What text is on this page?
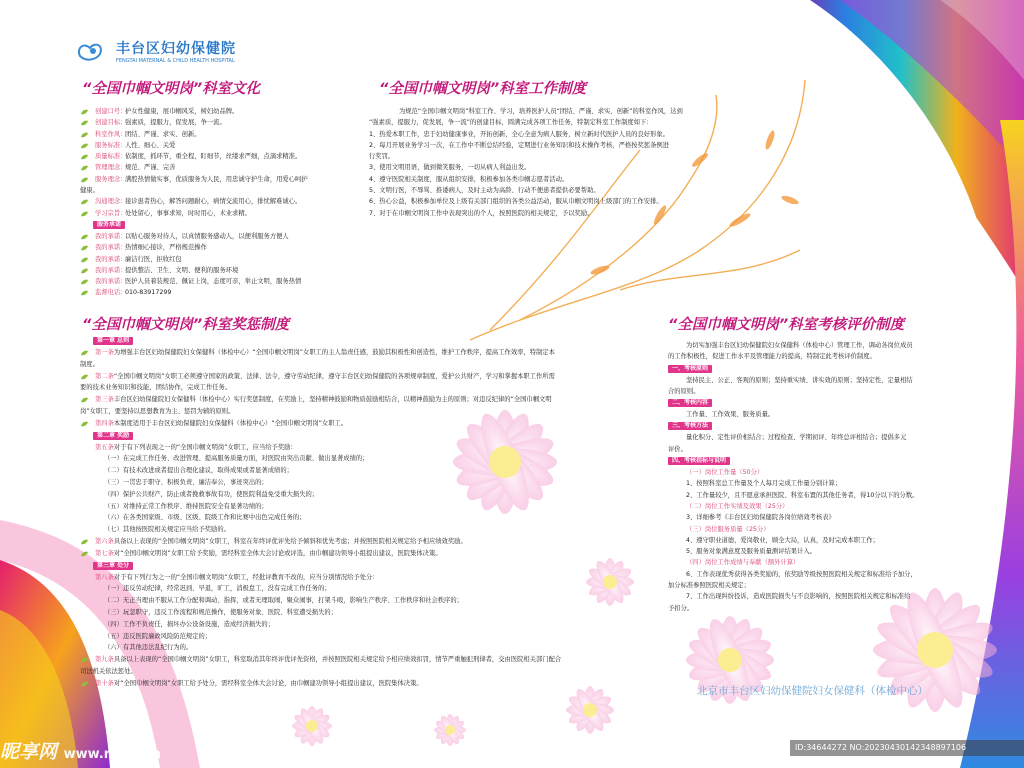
丰台区妇幼保健院
FENGTAI MATERNAL & CHILD HEALTH HOSPITAL
“全国巾帼文明岗”科室文化
创建口号：
护女性健康，展巾帼风采，树妇幼品牌。
创建目标：
强素质，提服力，促发展，争一流。
科室作风：
团结、严谨、求实、创新。
服务标准：
人性、细心、关爱
质量标准：
依制度，抓环节，重全程，盯细节，丝缕求严细，点滴求精准。
管理理念：
规范、严谨、完善
服务理念：
满腔热情做实事，优质服务为人民，用忠诚守护生命，用爱心呵护
健康。
沟通理念：
接诊患者热心，解答问题耐心，病情交流用心，排忧解难诚心。
学习宗旨：
处处留心，事事求知，时时用心，术业求精。
服务承诺
我的承诺：
以贴心服务对待人，以真情服务感动人，以便利服务方便人
我的承诺：
热情细心接诊，严格规范操作
我的承诺：
廉洁行医，拒收红包
我的承诺：
提供整洁、卫生、文明、便利的服务环境
我的承诺：
医护人员着装规范、佩证上岗，态度可亲，举止文明，服务热情
监督电话：
010-83917299
“全国巾帼文明岗”科室工作制度
为规范“全国巾帼文明岗”科室工作、学习，培养医护人员“团结、严谨、求实、创新”的科室作风，达到
“强素质，提服力，促发展，争一流”的创建目标，圆满完成各项工作任务，特制定科室工作制度如下：
1、热爱本职工作，忠于妇幼健康事业，开拓创新，全心全意为病人服务，树立新时代医护人员的良好形象。
2、每月开展业务学习一次，在工作中不断总结经验，定期进行业务知识和技术操作考核，严格按奖惩条例进
行奖罚。
3、使用文明用语，做到微笑服务，一切从病人利益出发。
4、遵守医院相关制度，服从组织安排，积极参加各类巾帼志愿者活动。
5、文明行医，不辱骂、推诿病人，及时主动为高龄、行动不便患者提供必要帮助。
6、热心公益，积极参加单位及上级有关部门组织的各类公益活动，服从巾帼文明岗上级部门的工作安排。
7、对于在巾帼文明岗工作中表现突出的个人，按照医院的相关规定，予以奖励。
“全国巾帼文明岗”科室奖惩制度
第一章 总则
第一条 为增强丰台区妇幼保健院妇女保健科（体检中心）“全国巾帼文明岗”女职工的主人翁责任感，鼓励其积极性和创造性，维护工作秩序，提高工作效率，特制定本
制度。
第二条 “全国巾帼文明岗”女职工必须遵守国家的政策、法律、法令，遵守劳动纪律，遵守丰台区妇幼保健院的各项规章制度，爱护公共财产，学习和掌握本职工作所需
要的技术业务知识和技能，团结协作，完成工作任务。
第三条 丰台区妇幼保健院妇女保健科（体检中心）实行奖惩制度，在奖励上，坚持精神鼓励和物质鼓励相结合，以精神鼓励为主的原则；对违反纪律的“全国巾帼文明
岗”女职工，要坚持以思想教育为主、惩罚为辅的原则。
第四条 本制度适用于丰台区妇幼保健院妇女保健科（体检中心）“全国巾帼文明岗”女职工。
第二章 奖励
第五条 对于有下列表现之一的“全国巾帼文明岗”女职工，应当给予奖励：
（一）在完成工作任务、改进管理、提高服务质量方面，对医院由突出贡献、做出显著成绩的；
（二）有技术改进或者提出合理化建议，取得成果或者显著成绩的；
（三）一贯忠于职守、积极负责、廉洁奉公，事迹突出的；
（四）保护公共财产，防止或者挽救事故有功，使医院利益免受重大损失的；
（五）对维持正常工作秩序、维持医院安全有显著功绩的；
（六）在各类国家级、市级、区级、院级工作和比赛中出色完成任务的；
（七）其他按医院相关规定应当给予奖励的。
第六条 具备以上表现的“全国巾帼文明岗”女职工，科室在年终评优评先给予倾斜和优先考虑；并按照医院相关规定给予相应绩效奖励。
第七条 对“全国巾帼文明岗”女职工给予奖励，需经科室全体大会讨论或评选，由巾帼建功领导小组提出建议，医院集体决策。
第三章 处分
第八条 对于有下列行为之一的“全国巾帼文明岗”女职工，经批评教育不改的，应当分别情况给予处分：
（一）违反劳动纪律，经常迟到、早退，旷工，消极怠工，没有完成工作任务的；
（二）无正当理由不服从工作分配和调动、指挥，或者无理取闹，聚众闹事，打架斗殴，影响生产秩序、工作秩序和社会秩序的；
（三）玩忽职守，违反工作流程和规范操作，使服务对象、医院、科室遭受损失的；
（四）工作不负责任，损坏办公设备设施，造成经济损失的；
（五）违反医院廉政风险防范规定的；
（六）有其他违法乱纪行为的。
第九条 具备以上表现的“全国巾帼文明岗”女职工，科室取消其年终评优评先资格，并按照医院相关规定给予相应绩效扣罚，情节严重触犯刑律者，交由医院相关部门配合
司法机关依法惩处。
第十条 对“全国巾帼文明岗”女职工给予处分，需经科室全体大会讨论，由巾帼建功领导小组提出建议，医院集体决策。
“全国巾帼文明岗”科室考核评价制度
为切实加强丰台区妇幼保健院妇女保健科（体检中心）管理工作，调动各岗位成员
的工作积极性，促进工作水平及管理能力的提高，特制定此考核评价制度。
一、考核原则
坚持民主、公正、客观的原则；坚持重实绩、讲实效的原则；坚持定性、定量相结
合的原则。
二、考核内容
工作量、工作效果、服务质量。
三、考核方法
量化积分、定性评价相结合；过程检查、学期初评、年终总评相结合；提倡多元
评价。
四、考核指标与说明
（一）岗位工作量（50分）
1、按照科室总工作量及个人每月完成工作量分别计算；
2、工作量较少，且不愿意承担医院、科室布置的其他任务者，得10分以下的分数。
（二）岗位工作实绩及效果（25分）
3、详细参考《丰台区妇幼保健院各岗位绩效考核表》
（三）岗位服务质量（25分）
4、遵守职业道德，爱岗敬业，顾全大局，认真，及时完成本职工作；
5、服务对象满意度及服务质量测评结果计入。
（四）岗位工作成绩与奉献（额外计算）
6、工作表现优秀获得各类奖励的，依奖励等级按照医院相关规定和标准给予加分，
加分标准参照医院相关规定；
7、工作出现纠纷投诉，造成医院损失与不良影响的，按照医院相关规定和标准给
予扣分。
北京市丰台区妇幼保健院妇女保健科（体检中心）
昵享网 www.nipic.cn	ID:34644272 NO:20230430142348897106
